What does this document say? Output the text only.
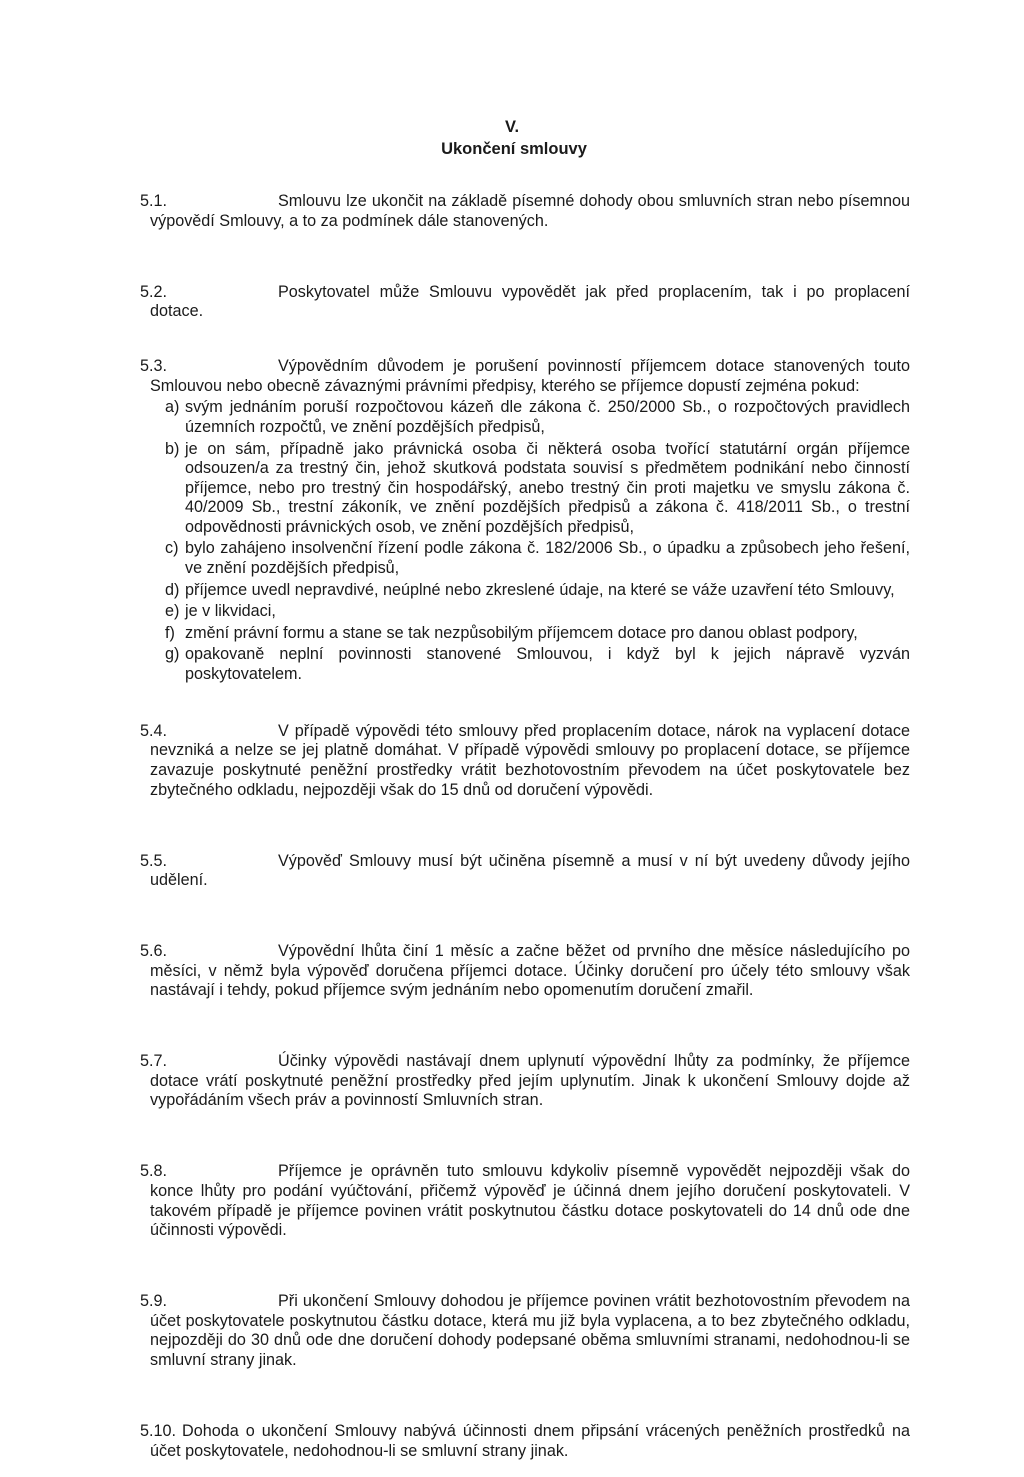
V.
Ukončení smlouvy

5.1.	Smlouvu lze ukončit na základě písemné dohody obou smluvních stran nebo písemnou výpovědí Smlouvy, a to za podmínek dále stanovených.

5.2.	Poskytovatel může Smlouvu vypovědět jak před proplacením, tak i po proplacení dotace.

5.3.	Výpovědním důvodem je porušení povinností příjemcem dotace stanovených touto Smlouvou nebo obecně závaznými právními předpisy, kterého se příjemce dopustí zejména pokud:

a) svým jednáním poruší rozpočtovou kázeň dle zákona č. 250/2000 Sb., o rozpočtových pravidlech územních rozpočtů, ve znění pozdějších předpisů,
b) je on sám, případně jako právnická osoba či některá osoba tvořící statutární orgán příjemce odsouzen/a za trestný čin, jehož skutková podstata souvisí s předmětem podnikání nebo činností příjemce, nebo pro trestný čin hospodářský, anebo trestný čin proti majetku ve smyslu zákona č. 40/2009 Sb., trestní zákoník, ve znění pozdějších předpisů a zákona č. 418/2011 Sb., o trestní odpovědnosti právnických osob, ve znění pozdějších předpisů,
c) bylo zahájeno insolvenční řízení podle zákona č. 182/2006 Sb., o úpadku a způsobech jeho řešení, ve znění pozdějších předpisů,
d) příjemce uvedl nepravdivé, neúplné nebo zkreslené údaje, na které se váže uzavření této Smlouvy,
e) je v likvidaci,
f) změní právní formu a stane se tak nezpůsobilým příjemcem dotace pro danou oblast podpory,
g) opakovaně neplní povinnosti stanovené Smlouvou, i když byl k jejich nápravě vyzván poskytovatelem.

5.4.	V případě výpovědi této smlouvy před proplacením dotace, nárok na vyplacení dotace nevzniká a nelze se jej platně domáhat. V případě výpovědi smlouvy po proplacení dotace, se příjemce zavazuje poskytnuté peněžní prostředky vrátit bezhotovostním převodem na účet poskytovatele bez zbytečného odkladu, nejpozději však do 15 dnů od doručení výpovědi.

5.5.	Výpověď Smlouvy musí být učiněna písemně a musí v ní být uvedeny důvody jejího udělení.

5.6.	Výpovědní lhůta činí 1 měsíc a začne běžet od prvního dne měsíce následujícího po měsíci, v němž byla výpověď doručena příjemci dotace. Účinky doručení pro účely této smlouvy však nastávají i tehdy, pokud příjemce svým jednáním nebo opomenutím doručení zmařil.

5.7.	Účinky výpovědi nastávají dnem uplynutí výpovědní lhůty za podmínky, že příjemce dotace vrátí poskytnuté peněžní prostředky před jejím uplynutím. Jinak k ukončení Smlouvy dojde až vypořádáním všech práv a povinností Smluvních stran.

5.8.	Příjemce je oprávněn tuto smlouvu kdykoliv písemně vypovědět nejpozději však do konce lhůty pro podání vyúčtování, přičemž výpověď je účinná dnem jejího doručení poskytovateli. V takovém případě je příjemce povinen vrátit poskytnutou částku dotace poskytovateli do 14 dnů ode dne účinnosti výpovědi.

5.9.	Při ukončení Smlouvy dohodou je příjemce povinen vrátit bezhotovostním převodem na účet poskytovatele poskytnutou částku dotace, která mu již byla vyplacena, a to bez zbytečného odkladu, nejpozději do 30 dnů ode dne doručení dohody podepsané oběma smluvními stranami, nedohodnou-li se smluvní strany jinak.

5.10. Dohoda o ukončení Smlouvy nabývá účinnosti dnem připsání vrácených peněžních prostředků na účet poskytovatele, nedohodnou-li se smluvní strany jinak.
